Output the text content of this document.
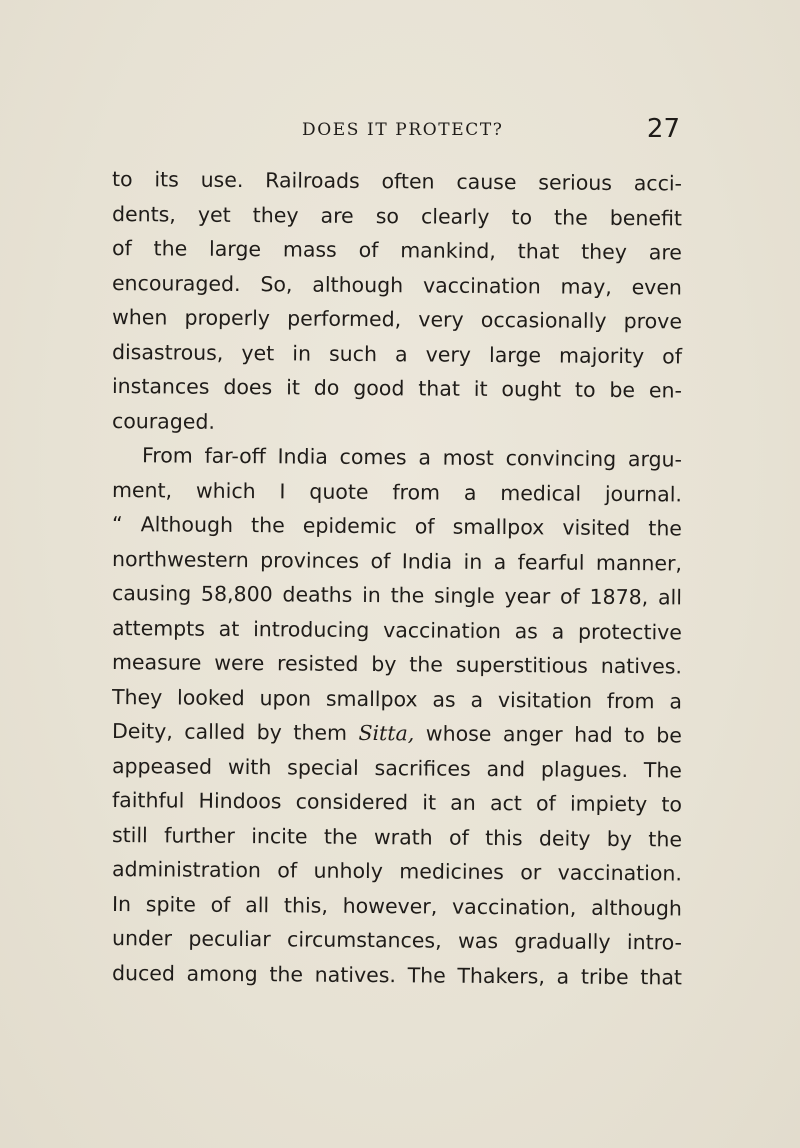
DOES IT PROTECT?	27
to its use. Railroads often cause serious acci-
dents, yet they are so clearly to the benefit
of the large mass of mankind, that they are
encouraged. So, although vaccination may, even
when properly performed, very occasionally prove
disastrous, yet in such a very large majority of
instances does it do good that it ought to be en-
couraged.
From far-off India comes a most convincing argu-
ment, which I quote from a medical journal.
“ Although the epidemic of smallpox visited the
northwestern provinces of India in a fearful manner,
causing 58,800 deaths in the single year of 1878, all
attempts at introducing vaccination as a protective
measure were resisted by the superstitious natives.
They looked upon smallpox as a visitation from a
Deity, called by them Sitta, whose anger had to be
appeased with special sacrifices and plagues. The
faithful Hindoos considered it an act of impiety to
still further incite the wrath of this deity by the
administration of unholy medicines or vaccination.
In spite of all this, however, vaccination, although
under peculiar circumstances, was gradually intro-
duced among the natives. The Thakers, a tribe that
